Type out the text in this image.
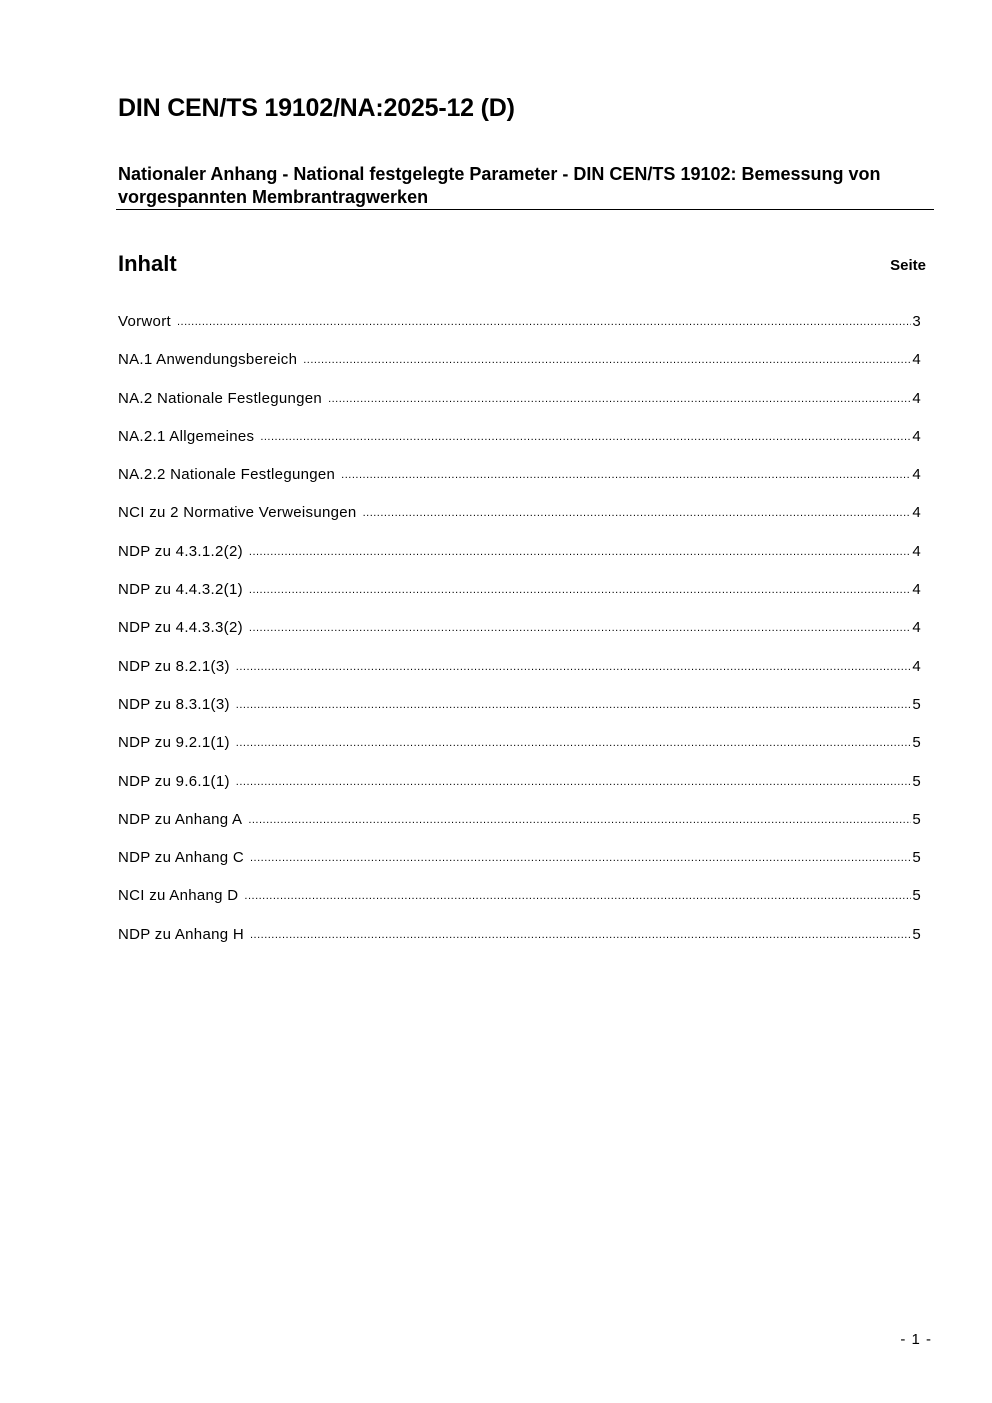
DIN CEN/TS 19102/NA:2025-12 (D)
Nationaler Anhang - National festgelegte Parameter - DIN CEN/TS 19102: Bemessung von vorgespannten Membrantragwerken
Inhalt	Seite
Vorwort .....	3
NA.1 Anwendungsbereich .....	4
NA.2 Nationale Festlegungen .....	4
NA.2.1 Allgemeines .....	4
NA.2.2 Nationale Festlegungen .....	4
NCI zu 2 Normative Verweisungen .....	4
NDP zu 4.3.1.2(2) .....	4
NDP zu 4.4.3.2(1) .....	4
NDP zu 4.4.3.3(2) .....	4
NDP zu 8.2.1(3) .....	4
NDP zu 8.3.1(3) .....	5
NDP zu 9.2.1(1) .....	5
NDP zu 9.6.1(1) .....	5
NDP zu Anhang A .....	5
NDP zu Anhang C .....	5
NCI zu Anhang D .....	5
NDP zu Anhang H .....	5
- 1 -
